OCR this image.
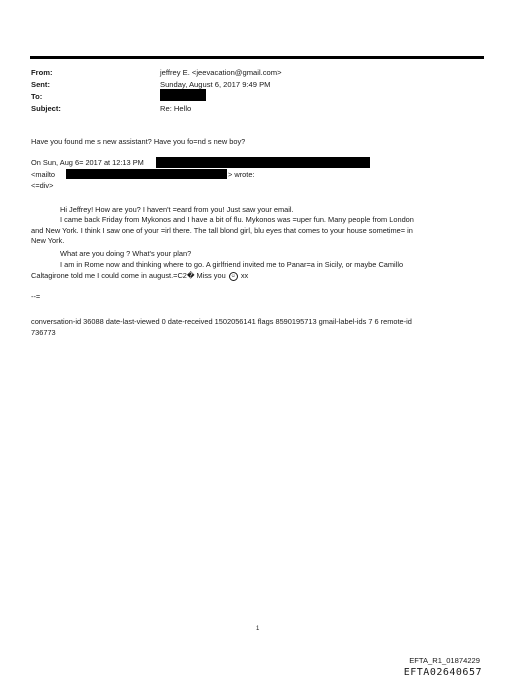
From:	jeffrey E. <jeevacation@gmail.com>
Sent:	Sunday, August 6, 2017 9:49 PM
To:
Subject:	Re: Hello
Have you found me s new assistant? Have you fo=nd s new boy?
On Sun, Aug 6= 2017 at 12:13 PM
<mailto	> wrote:
<=div>
Hi Jeffrey! How are you? I haven't =eard from you! Just saw your email.
I came back Friday from Mykonos and I have a bit of flu. Mykonos was =uper fun. Many people from London
and New York. I think I saw one of your =irl there. The tall blond girl, blu eyes that comes to your house sometime= in
New York.
What are you doing ? What's your plan?
I am in Rome now and thinking where to go. A girlfriend invited me to Panar=a in Sicily, or maybe Camillo
Caltagirone told me I could come in august.=C2� Miss you ☺ xx
--=
conversation-id 36088 date-last-viewed 0 date-received 1502056141 flags 8590195713 gmail-label-ids 7 6 remote-id
736773
1
EFTA_R1_01874229
EFTA02640657
